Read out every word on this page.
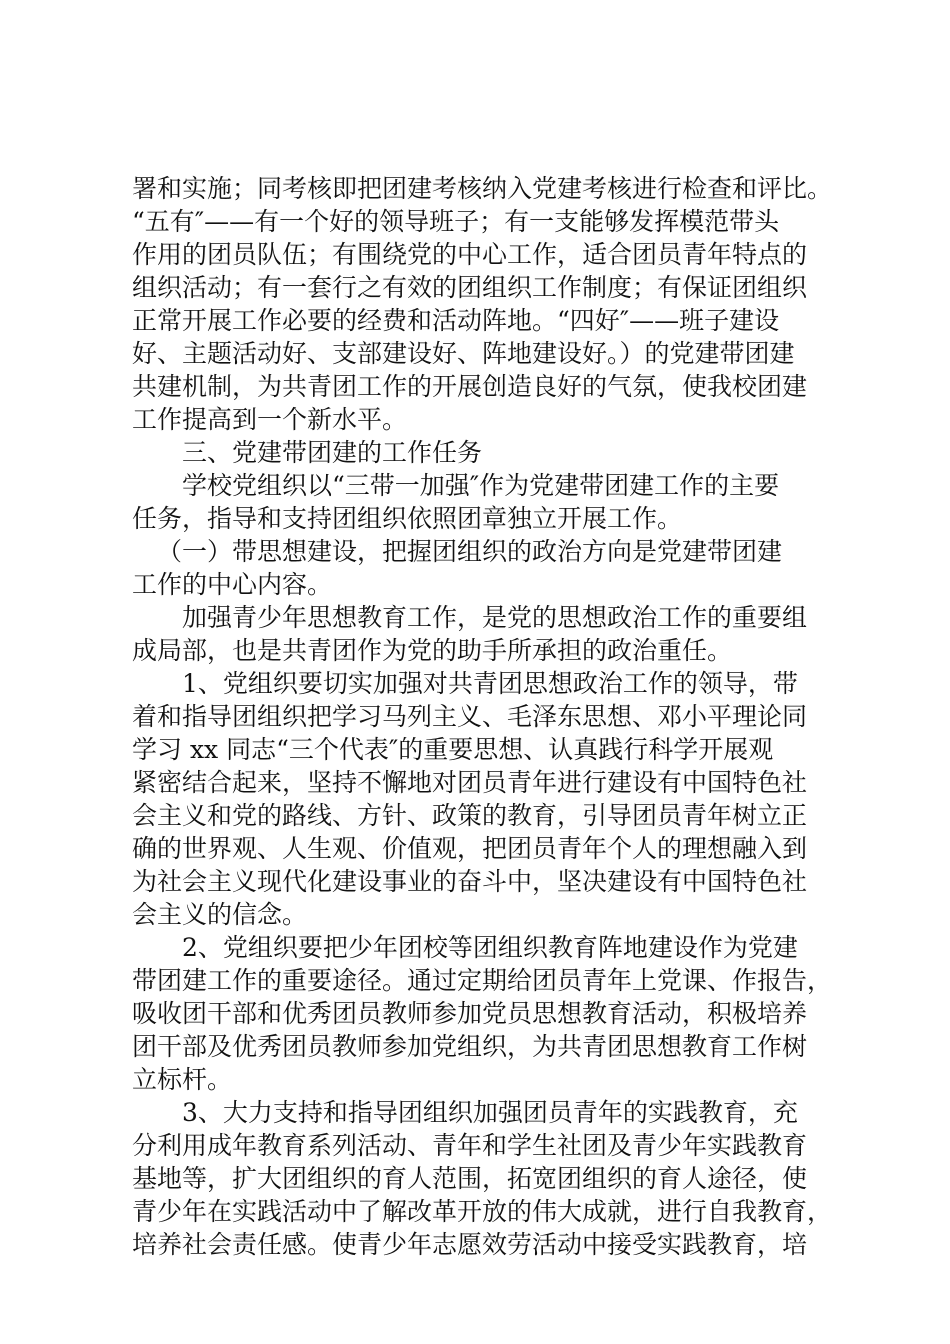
署和实施；同考核即把团建考核纳入党建考核进行检查和评比。
“五有″——有一个好的领导班子；有一支能够发挥模范带头
作用的团员队伍；有围绕党的中心工作，适合团员青年特点的
组织活动；有一套行之有效的团组织工作制度；有保证团组织
正常开展工作必要的经费和活动阵地。“四好″——班子建设
好、主题活动好、支部建设好、阵地建设好。）的党建带团建
共建机制，为共青团工作的开展创造良好的气氛，使我校团建
工作提高到一个新水平。
三、党建带团建的工作任务
学校党组织以“三带一加强″作为党建带团建工作的主要
任务，指导和支持团组织依照团章独立开展工作。
（一）带思想建设，把握团组织的政治方向是党建带团建
工作的中心内容。
加强青少年思想教育工作，是党的思想政治工作的重要组
成局部，也是共青团作为党的助手所承担的政治重任。
1、党组织要切实加强对共青团思想政治工作的领导，带
着和指导团组织把学习马列主义、毛泽东思想、邓小平理论同
学习 xx 同志“三个代表″的重要思想、认真践行科学开展观
紧密结合起来，坚持不懈地对团员青年进行建设有中国特色社
会主义和党的路线、方针、政策的教育，引导团员青年树立正
确的世界观、人生观、价值观，把团员青年个人的理想融入到
为社会主义现代化建设事业的奋斗中，坚决建设有中国特色社
会主义的信念。
2、党组织要把少年团校等团组织教育阵地建设作为党建
带团建工作的重要途径。通过定期给团员青年上党课、作报告，
吸收团干部和优秀团员教师参加党员思想教育活动，积极培养
团干部及优秀团员教师参加党组织，为共青团思想教育工作树
立标杆。
3、大力支持和指导团组织加强团员青年的实践教育，充
分利用成年教育系列活动、青年和学生社团及青少年实践教育
基地等，扩大团组织的育人范围，拓宽团组织的育人途径，使
青少年在实践活动中了解改革开放的伟大成就，进行自我教育，
培养社会责任感。使青少年志愿效劳活动中接受实践教育，培
